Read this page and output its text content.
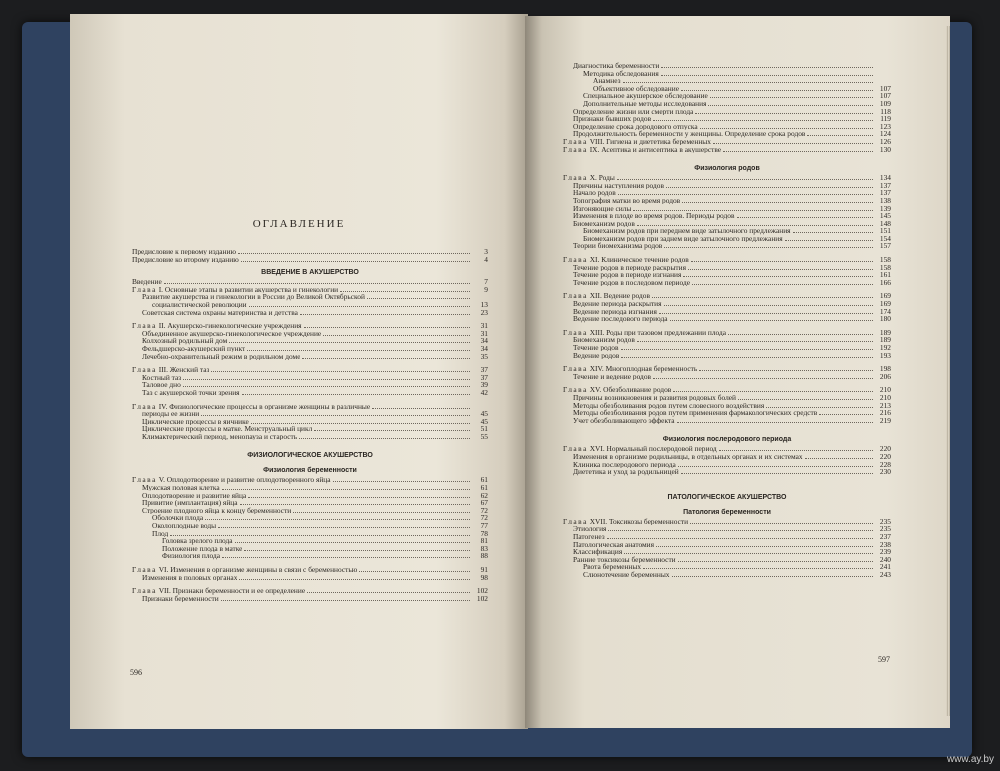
ОГЛАВЛЕНИЕ
Предисловие к первому изданию	3
Предисловие ко второму изданию	4
ВВЕДЕНИЕ В АКУШЕРСТВО
Введение	7
Глава I. Основные этапы в развитии акушерства и гинекологии	9
Развитие акушерства и гинекологии в России до Великой Октябрьской
социалистической революции	13
Советская система охраны материнства и детства	23
Глава II. Акушерско-гинекологические учреждения	31
Объединенное акушерско-гинекологическое учреждение	31
Колхозный родильный дом	34
Фельдшерско-акушерский пункт	34
Лечебно-охранительный режим в родильном доме	35
Глава III. Женский таз	37
Костный таз	37
Таловое дно	39
Таз с акушерской точки зрения	42
Глава IV. Физиологические процессы в организме женщины в различные
периоды ее жизни	45
Циклические процессы в яичнике	45
Циклические процессы в матке. Менструальный цикл	51
Климактерический период, менопауза и старость	55
ФИЗИОЛОГИЧЕСКОЕ АКУШЕРСТВО
Физиология беременности
Глава V. Оплодотворение и развитие оплодотворенного яйца	61
Мужская половая клетка	61
Оплодотворение и развитие яйца	62
Привитие (имплантация) яйца	67
Строение плодного яйца к концу беременности	72
Оболочки плода	72
Околоплодные воды	77
Плод	78
Головка зрелого плода	81
Положение плода в матке	83
Физиология плода	88
Глава VI. Изменения в организме женщины в связи с беременностью	91
Изменения в половых органах	98
Глава VII. Признаки беременности и ее определение	102
Признаки беременности	102
596
Диагностика беременности
Методика обследования
Анамнез
Объективное обследование	107
Специальное акушерское обследование	107
Дополнительные методы исследования	109
Определение жизни или смерти плода	118
Признаки бывших родов	119
Определение срока дородового отпуска	123
Продолжительность беременности у женщины. Определение срока родов	124
Глава VIII. Гигиена и диететика беременных	126
Глава IX. Асептика и антисептика в акушерстве	130
Физиология родов
Глава X. Роды	134
Причины наступления родов	137
Начало родов	137
Топография матки во время родов	138
Изгоняющие силы	139
Изменения в плоде во время родов. Периоды родов	145
Биомеханизм родов	148
Биомеханизм родов при переднем виде затылочного предлежания	151
Биомеханизм родов при заднем виде затылочного предлежания	154
Теории биомеханизма родов	157
Глава XI. Клиническое течение родов	158
Течение родов в периоде раскрытия	158
Течение родов в периоде изгнания	161
Течение родов в последовом периоде	166
Глава XII. Ведение родов	169
Ведение периода раскрытия	169
Ведение периода изгнания	174
Ведение последового периода	180
Глава XIII. Роды при тазовом предлежании плода	189
Биомеханизм родов	189
Течение родов	192
Ведение родов	193
Глава XIV. Многоплодная беременность	198
Течение и ведение родов	206
Глава XV. Обезболивание родов	210
Причины возникновения и развития родовых болей	210
Методы обезболивания родов путем словесного воздействия	213
Методы обезболивания родов путем применения фармакологических средств	216
Учет обезболивающего эффекта	219
Физиология послеродового периода
Глава XVI. Нормальный послеродовой период	220
Изменения в организме родильницы, в отдельных органах и их системах	220
Клиника послеродового периода	228
Диететика и уход за родильницей	230
ПАТОЛОГИЧЕСКОЕ АКУШЕРСТВО
Патология беременности
Глава XVII. Токсикозы беременности	235
Этиология	235
Патогенез	237
Патологическая анатомия	238
Классификация	239
Ранние токсикозы беременности	240
Рвота беременных	241
Слюнотечение беременных	243
597
www.ay.by
